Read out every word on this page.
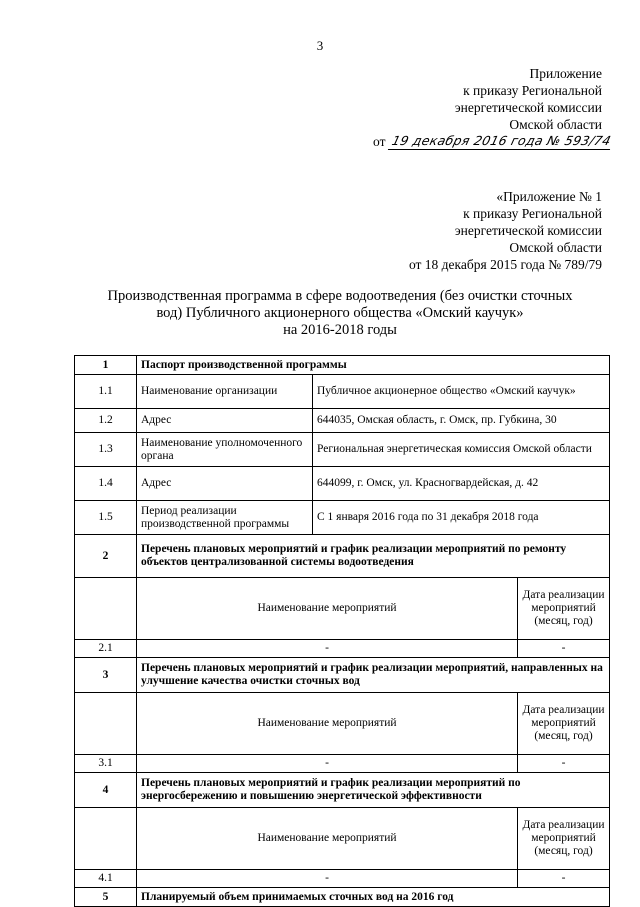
3
Приложение
к приказу Региональной
энергетической комиссии
Омской области
от 19 декабря 2016 года № 593/74
«Приложение № 1
к приказу Региональной
энергетической комиссии
Омской области
от 18 декабря 2015 года № 789/79
Производственная программа в сфере водоотведения (без очистки сточных
вод) Публичного акционерного общества «Омский каучук»
на 2016-2018 годы
1	Паспорт производственной программы		
1.1	Наименование организации	Публичное акционерное общество «Омский каучук»	
1.2	Адрес	644035, Омская область, г. Омск, пр. Губкина, 30	
1.3	Наименование уполномоченного органа	Региональная энергетическая комиссия Омской области	
1.4	Адрес	644099, г. Омск, ул. Красногвардейская, д. 42	
1.5	Период реализации производственной программы	С 1 января 2016 года по 31 декабря 2018 года	
2	Перечень плановых мероприятий и график реализации мероприятий по ремонту объектов централизованной системы водоотведения		
	Наименование мероприятий		Дата реализации мероприятий (месяц, год)
2.1	-		-
3	Перечень плановых мероприятий и график реализации мероприятий, направленных на улучшение качества очистки сточных вод		
	Наименование мероприятий		Дата реализации мероприятий (месяц, год)
3.1	-		-
4	Перечень плановых мероприятий и график реализации мероприятий по энергосбережению и повышению энергетической эффективности		
	Наименование мероприятий		Дата реализации мероприятий (месяц, год)
4.1	-		-
5	Планируемый объем принимаемых сточных вод на 2016 год		
